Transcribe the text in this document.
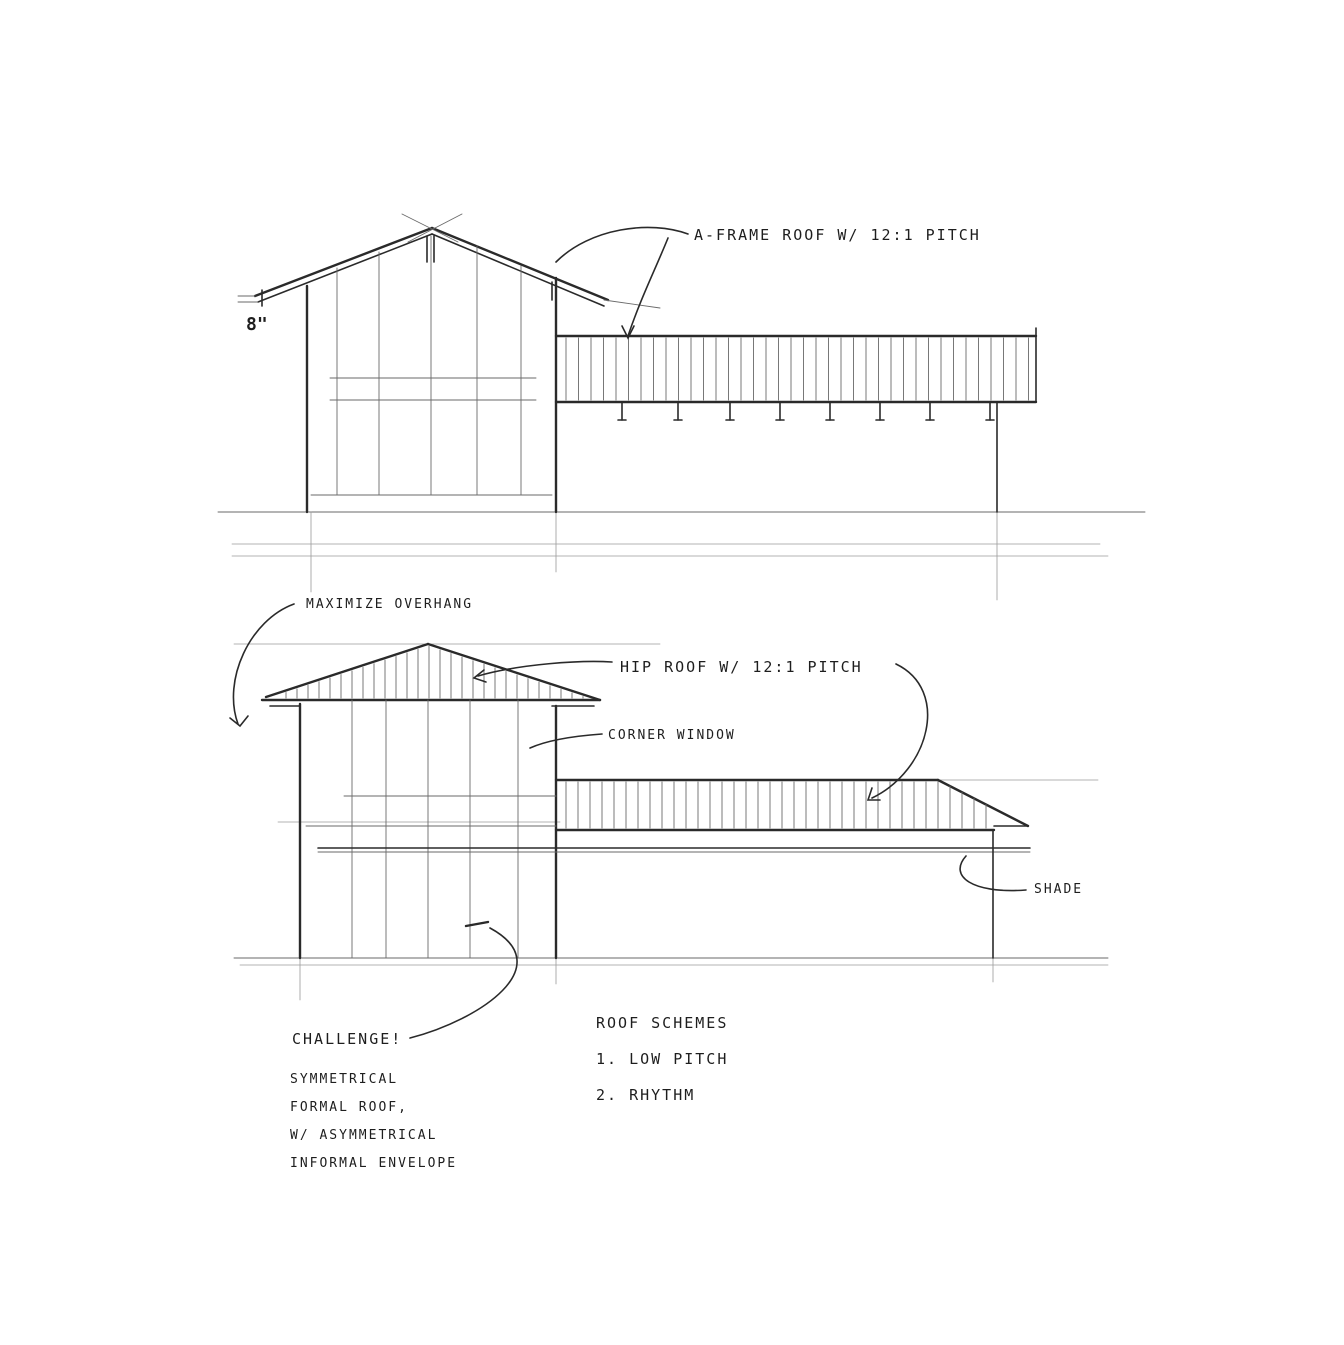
A-FRAME ROOF W/ 12:1 PITCH
8"
MAXIMIZE OVERHANG
HIP ROOF W/ 12:1 PITCH
CORNER WINDOW
SHADE
CHALLENGE!
SYMMETRICAL
FORMAL ROOF,
W/ ASYMMETRICAL
INFORMAL ENVELOPE
ROOF SCHEMES
1. LOW PITCH
2. RHYTHM
